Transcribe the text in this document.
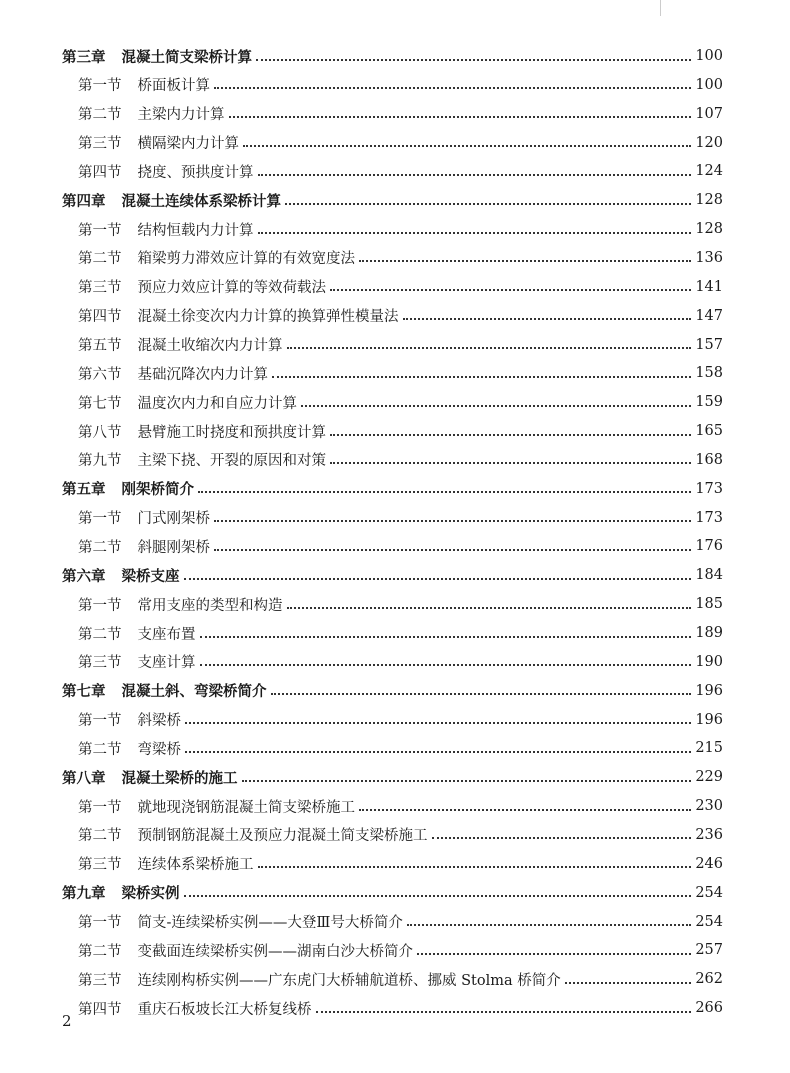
第三章 混凝土简支梁桥计算	100
第一节 桥面板计算	100
第二节 主梁内力计算	107
第三节 横隔梁内力计算	120
第四节 挠度、预拱度计算	124
第四章 混凝土连续体系梁桥计算	128
第一节 结构恒载内力计算	128
第二节 箱梁剪力滞效应计算的有效宽度法	136
第三节 预应力效应计算的等效荷载法	141
第四节 混凝土徐变次内力计算的换算弹性模量法	147
第五节 混凝土收缩次内力计算	157
第六节 基础沉降次内力计算	158
第七节 温度次内力和自应力计算	159
第八节 悬臂施工时挠度和预拱度计算	165
第九节 主梁下挠、开裂的原因和对策	168
第五章 刚架桥简介	173
第一节 门式刚架桥	173
第二节 斜腿刚架桥	176
第六章 梁桥支座	184
第一节 常用支座的类型和构造	185
第二节 支座布置	189
第三节 支座计算	190
第七章 混凝土斜、弯梁桥简介	196
第一节 斜梁桥	196
第二节 弯梁桥	215
第八章 混凝土梁桥的施工	229
第一节 就地现浇钢筋混凝土简支梁桥施工	230
第二节 预制钢筋混凝土及预应力混凝土简支梁桥施工	236
第三节 连续体系梁桥施工	246
第九章 梁桥实例	254
第一节 简支-连续梁桥实例——大登Ⅲ号大桥简介	254
第二节 变截面连续梁桥实例——湖南白沙大桥简介	257
第三节 连续刚构桥实例——广东虎门大桥辅航道桥、挪威 Stolma 桥简介	262
第四节 重庆石板坡长江大桥复线桥	266
2
